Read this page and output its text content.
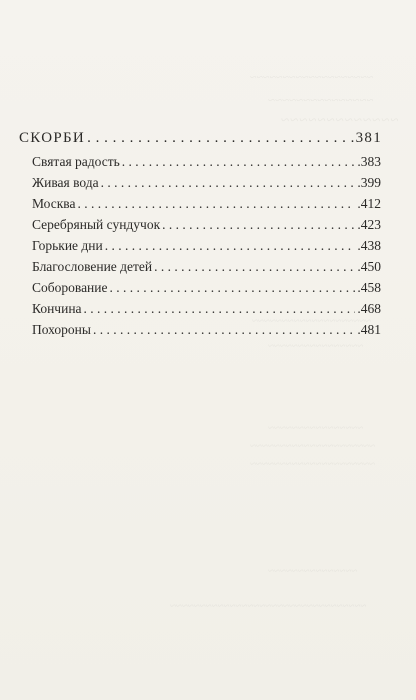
~~~~~~~~~~~~~~~~~~~
~~~~~~~~~~~~~~~
~~~~~~~~~~~~~
~~~~~~~~~~~~~~~~~~~~
~~~~~~~~~~~~~~~~
~~~~~~~~~~~~~~~~
~~~~~~~~~~~~~~~~~~~~~
~~~~~~~~~~~~~~~~~~~~~
~~~~~~~~~~~~~~~
~~~~~~~~~~~~~~~~~~~~~~~~~~~~~~~~~
СКОРБИ . . .	381
Святая радость . . .	.383
Живая вода . . .	.399
Москва . . .	.412
Серебряный сундучок . . .	.423
Горькие дни . . .	.438
Благословение детей . . .	.450
Соборование . . .	.458
Кончина . . .	.468
Похороны . . .	.481
